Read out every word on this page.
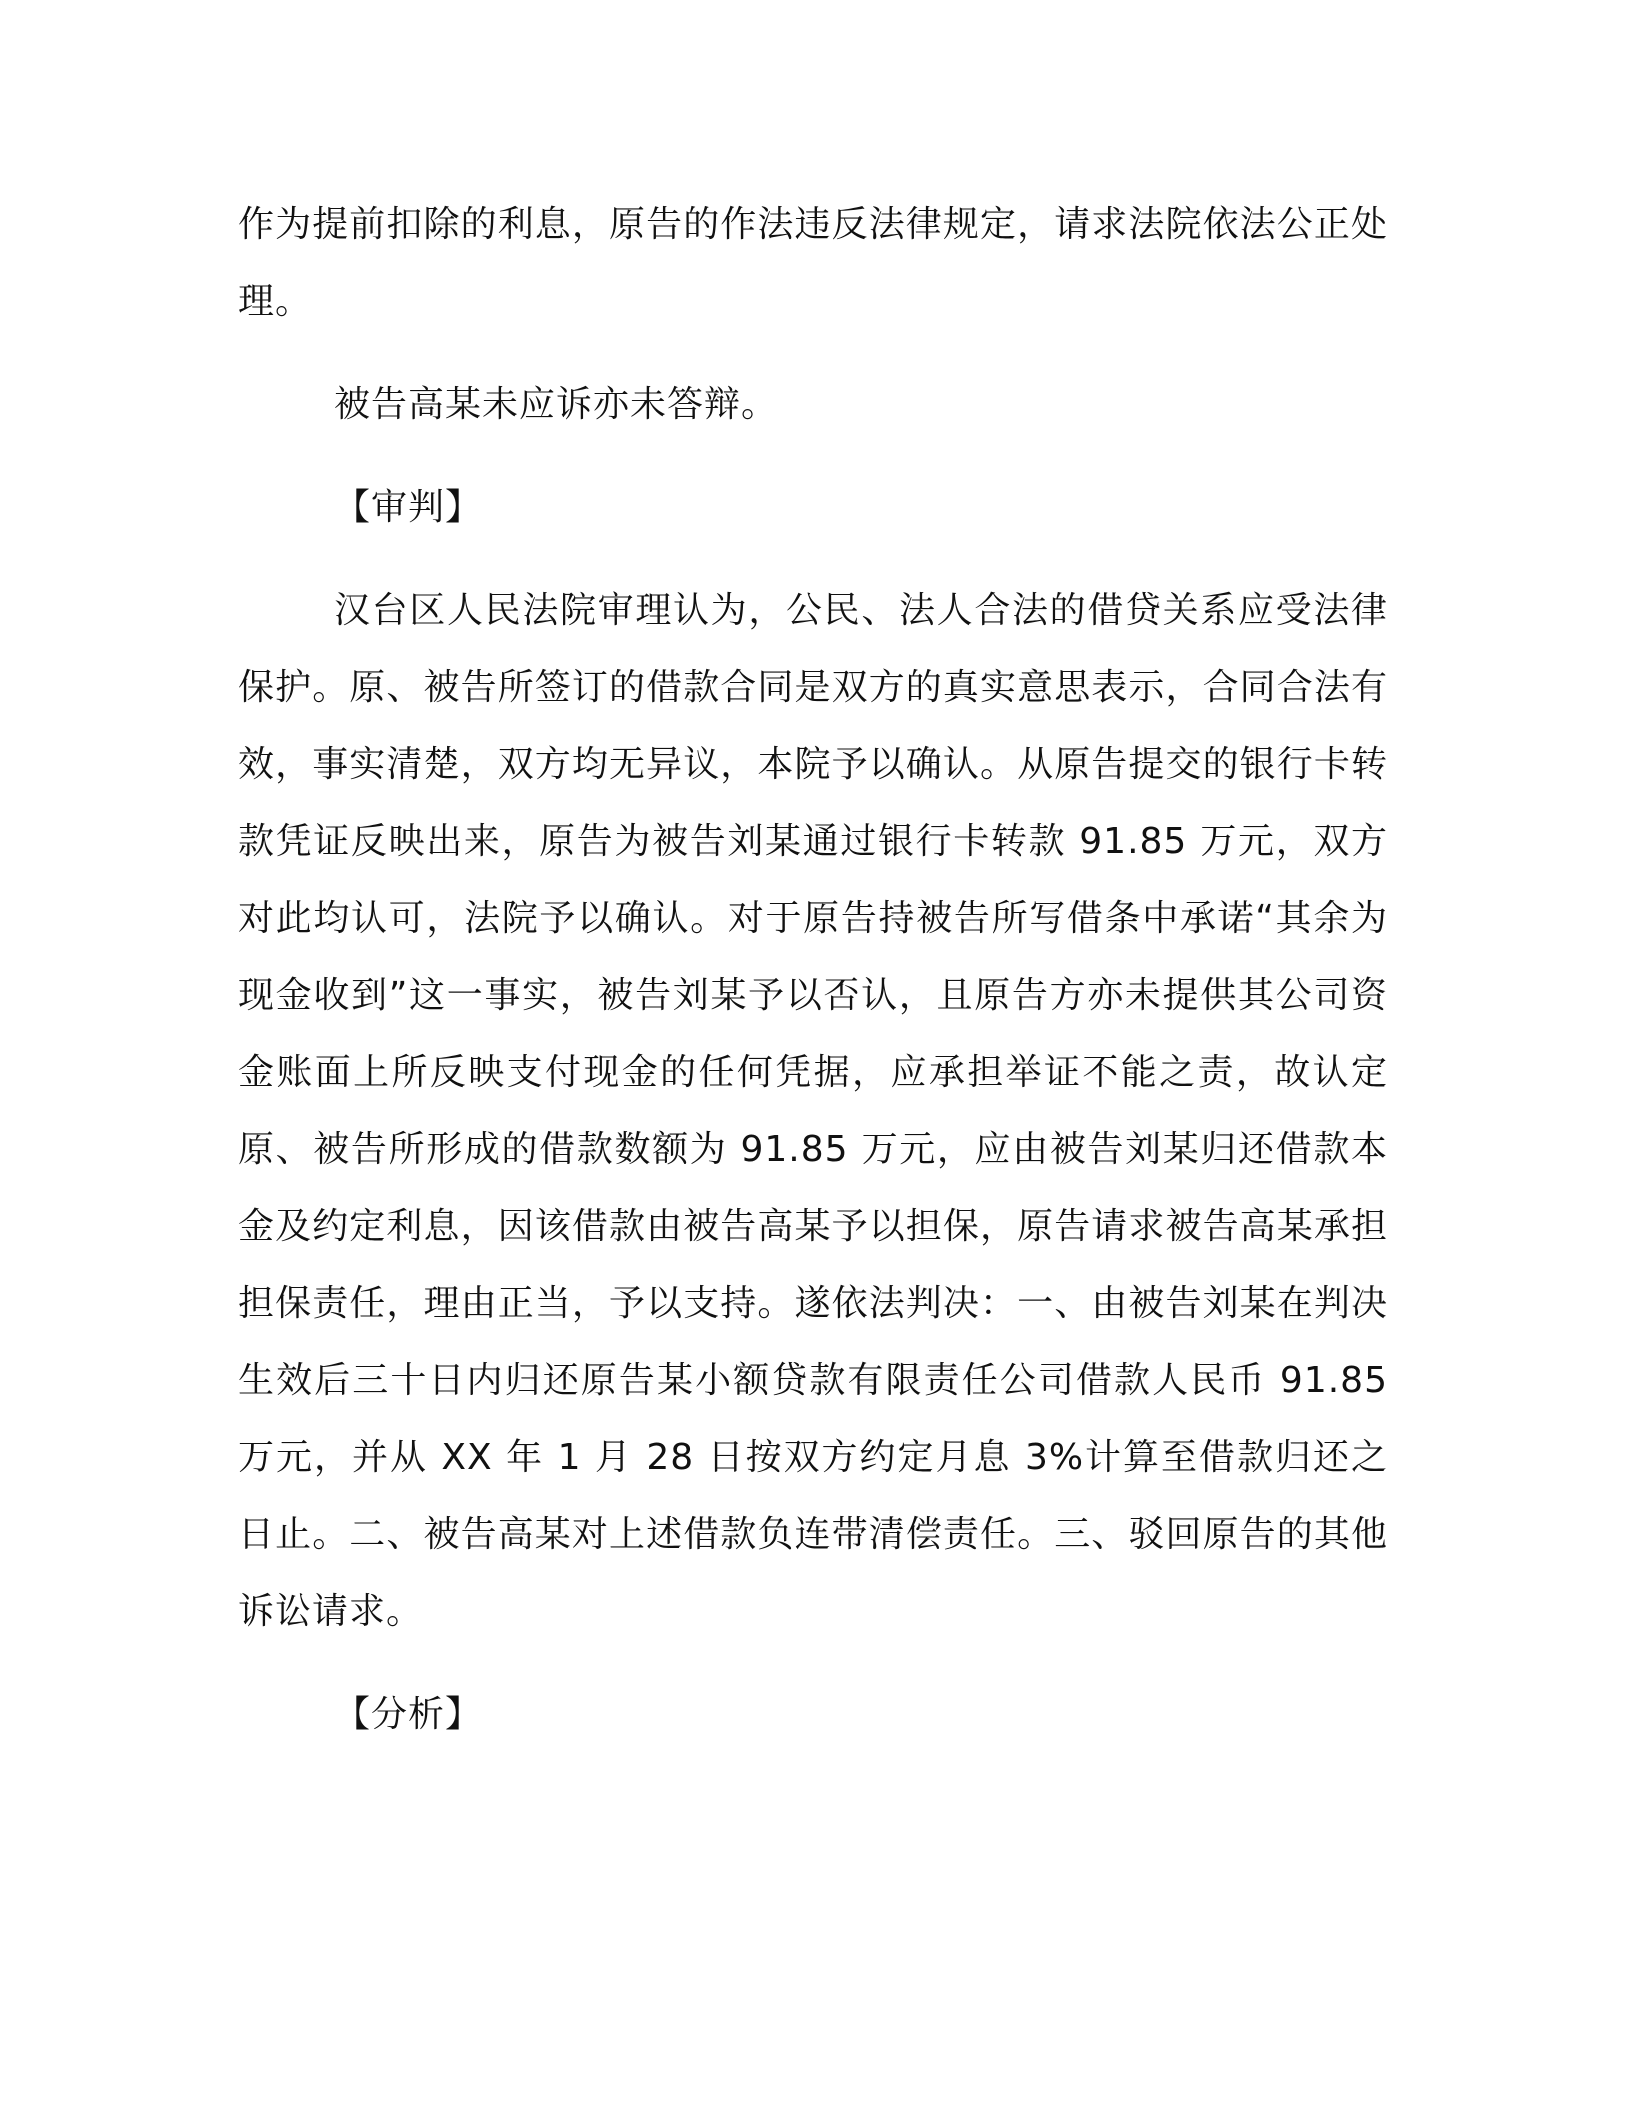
作为提前扣除的利息，原告的作法违反法律规定，请求法院依法公正处理。

被告高某未应诉亦未答辩。

【审判】

汉台区人民法院审理认为，公民、法人合法的借贷关系应受法律保护。原、被告所签订的借款合同是双方的真实意思表示，合同合法有效，事实清楚，双方均无异议，本院予以确认。从原告提交的银行卡转款凭证反映出来，原告为被告刘某通过银行卡转款 91.85 万元，双方对此均认可，法院予以确认。对于原告持被告所写借条中承诺“其余为现金收到”这一事实，被告刘某予以否认，且原告方亦未提供其公司资金账面上所反映支付现金的任何凭据，应承担举证不能之责，故认定原、被告所形成的借款数额为 91.85 万元，应由被告刘某归还借款本金及约定利息，因该借款由被告高某予以担保，原告请求被告高某承担担保责任，理由正当，予以支持。遂依法判决：一、由被告刘某在判决生效后三十日内归还原告某小额贷款有限责任公司借款人民币 91.85 万元，并从 XX 年 1 月 28 日按双方约定月息 3%计算至借款归还之日止。二、被告高某对上述借款负连带清偿责任。三、驳回原告的其他诉讼请求。

【分析】
